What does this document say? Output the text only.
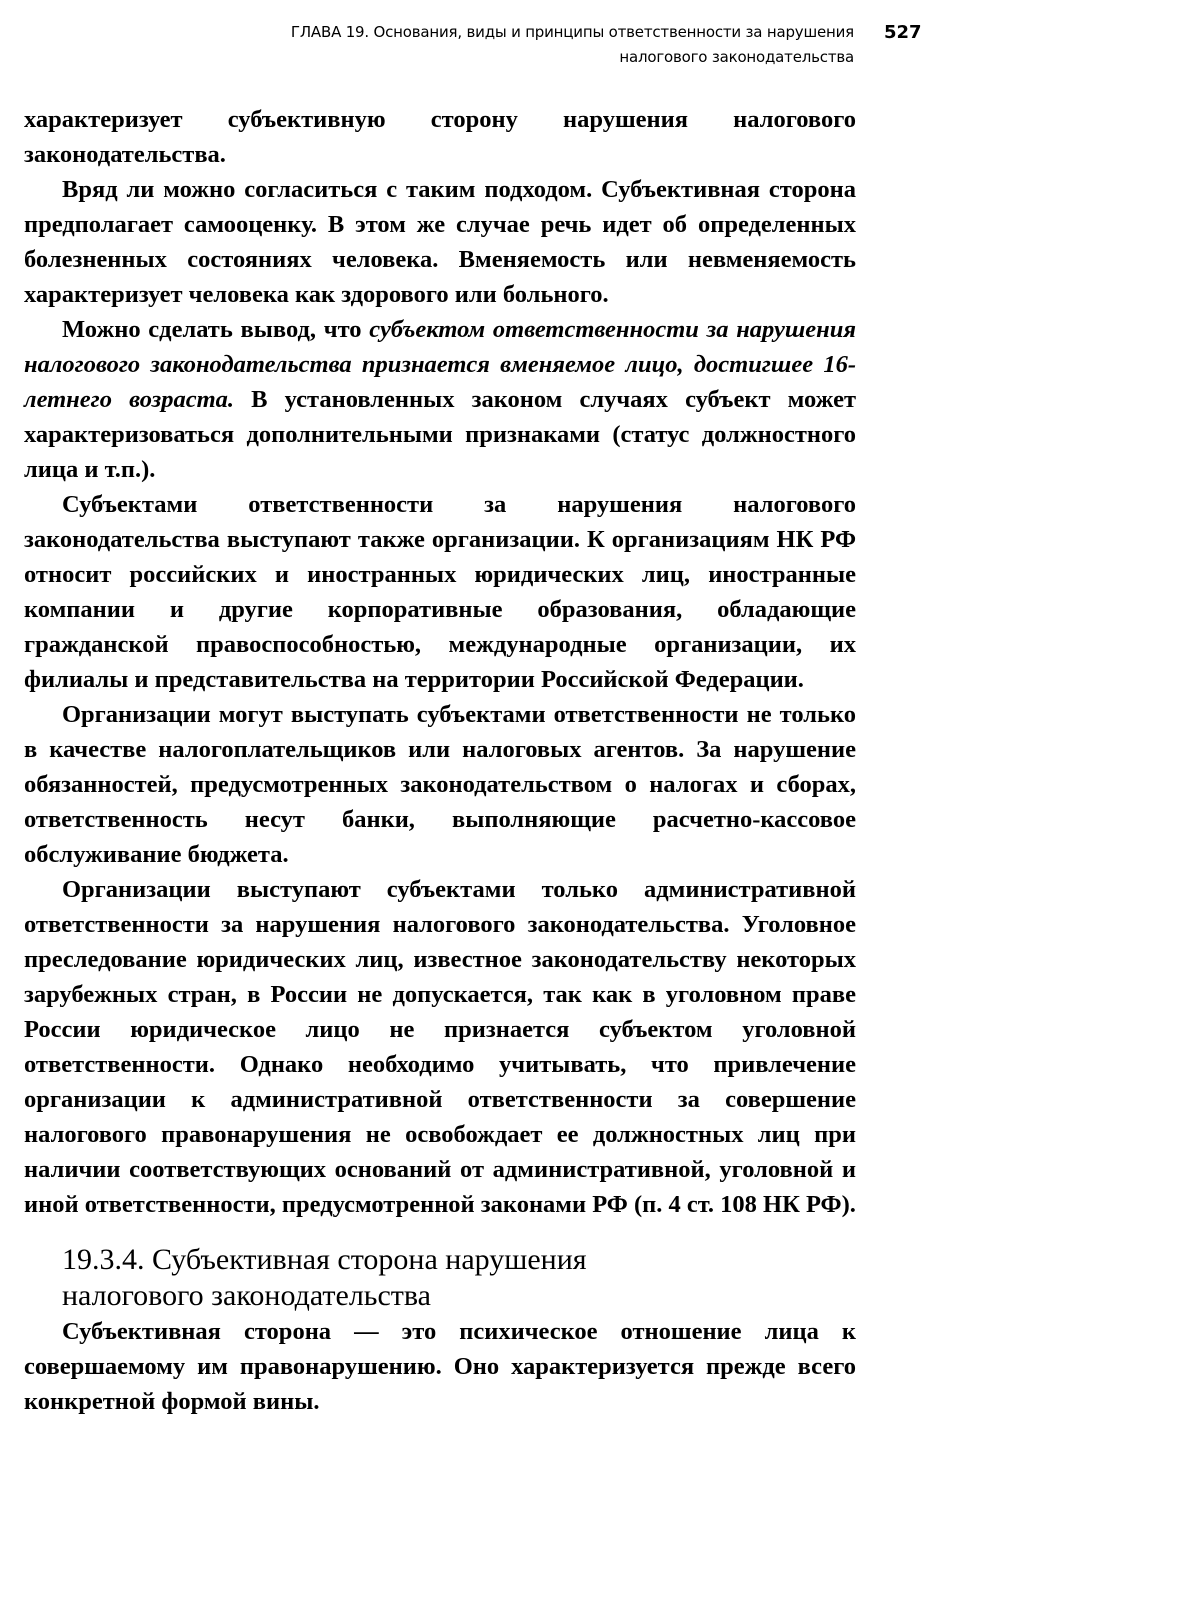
ГЛАВА 19. Основания, виды и принципы ответственности за нарушения
налогового законодательства
527

характеризует субъективную сторону нарушения налогового законодательства.

Вряд ли можно согласиться с таким подходом. Субъективная сторона предполагает самооценку. В этом же случае речь идет об определенных болезненных состояниях человека. Вменяемость или невменяемость характеризует человека как здорового или больного.

Можно сделать вывод, что субъектом ответственности за нарушения налогового законодательства признается вменяемое лицо, достигшее 16-летнего возраста. В установленных законом случаях субъект может характеризоваться дополнительными признаками (статус должностного лица и т.п.).

Субъектами ответственности за нарушения налогового законодательства выступают также организации. К организациям НК РФ относит российских и иностранных юридических лиц, иностранные компании и другие корпоративные образования, обладающие гражданской правоспособностью, международные организации, их филиалы и представительства на территории Российской Федерации.

Организации могут выступать субъектами ответственности не только в качестве налогоплательщиков или налоговых агентов. За нарушение обязанностей, предусмотренных законодательством о налогах и сборах, ответственность несут банки, выполняющие расчетно-кассовое обслуживание бюджета.

Организации выступают субъектами только административной ответственности за нарушения налогового законодательства. Уголовное преследование юридических лиц, известное законодательству некоторых зарубежных стран, в России не допускается, так как в уголовном праве России юридическое лицо не признается субъектом уголовной ответственности. Однако необходимо учитывать, что привлечение организации к административной ответственности за совершение налогового правонарушения не освобождает ее должностных лиц при наличии соответствующих оснований от административной, уголовной и иной ответственности, предусмотренной законами РФ (п. 4 ст. 108 НК РФ).

19.3.4. Субъективная сторона нарушения
налогового законодательства

Субъективная сторона — это психическое отношение лица к совершаемому им правонарушению. Оно характеризуется прежде всего конкретной формой вины.
